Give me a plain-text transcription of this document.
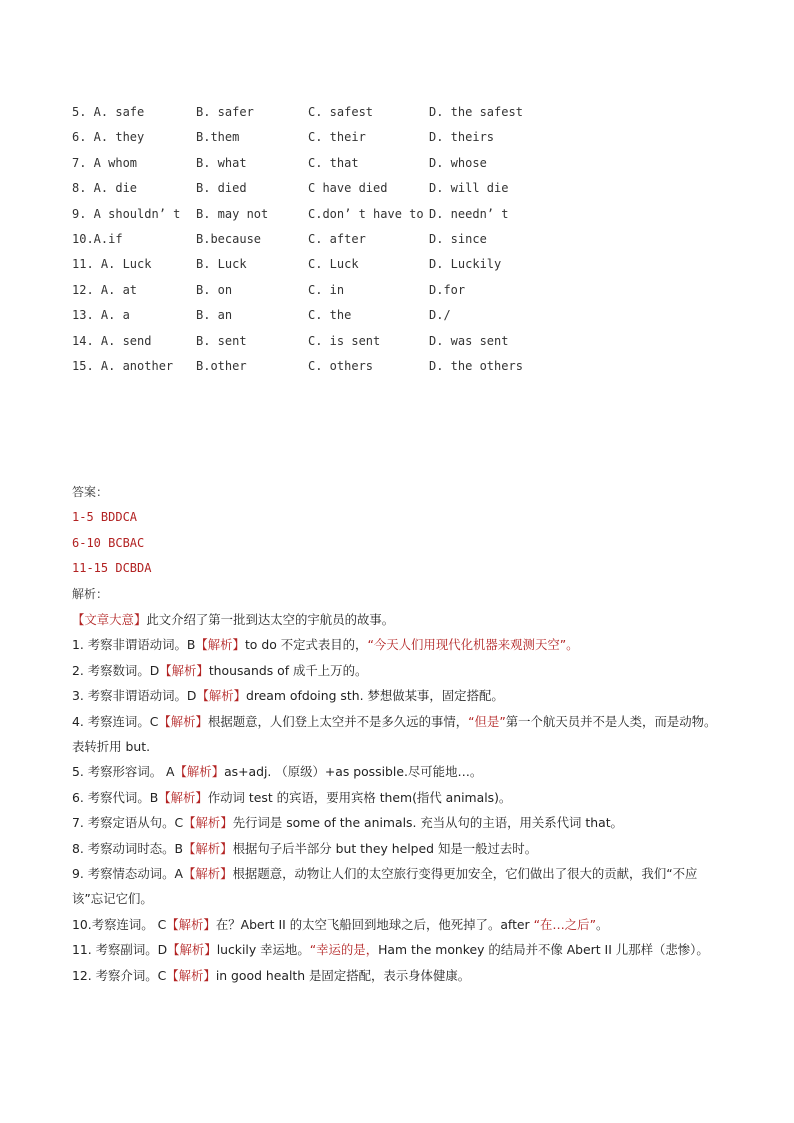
5. A. safe	B. safer	C. safest	D. the safest
6. A. they	B.them	C. their	D. theirs
7. A whom	B. what	C. that	D. whose
8. A. die	B. died	C have died	D. will die
9. A shouldn’ t B. may not	C.don’ t have to D. needn’ t
10.A.if	B.because	C. after	D. since
11. A. Luck	B. Luck	C. Luck	D. Luckily
12. A. at	B. on	C. in	D.for
13. A. a	B. an	C. the	D./
14. A. send	B. sent	C. is sent	D. was sent
15. A. another B.other	C. others	D. the others
答案：
1-5 BDDCA
6-10 BCBAC
11-15 DCBDA
解析：
【文章大意】此文介绍了第一批到达太空的宇航员的故事。
1. 考察非谓语动词。B【解析】to do 不定式表目的，“今天人们用现代化机器来观测天空”。
2. 考察数词。D【解析】thousands of 成千上万的。
3. 考察非谓语动词。D【解析】dream ofdoing sth. 梦想做某事，固定搭配。
4. 考察连词。C【解析】根据题意，人们登上太空并不是多久远的事情，“但是”第一个航天员并不是人类，而是动物。表转折用 but.
5. 考察形容词。 A【解析】as+adj. （原级）+as possible.尽可能地…。
6. 考察代词。B【解析】作动词 test 的宾语，要用宾格 them(指代 animals)。
7. 考察定语从句。C【解析】先行词是 some of the animals. 充当从句的主语，用关系代词 that。
8. 考察动词时态。B【解析】根据句子后半部分 but they helped 知是一般过去时。
9. 考察情态动词。A【解析】根据题意，动物让人们的太空旅行变得更加安全，它们做出了很大的贡献，我们“不应该”忘记它们。
10.考察连词。 C【解析】在？Abert II 的太空飞船回到地球之后，他死掉了。after “在…之后”。
11. 考察副词。D【解析】luckily 幸运地。“幸运的是，Ham the monkey 的结局并不像 Abert II 儿那样（悲惨）。
12. 考察介词。C【解析】in good health 是固定搭配，表示身体健康。
